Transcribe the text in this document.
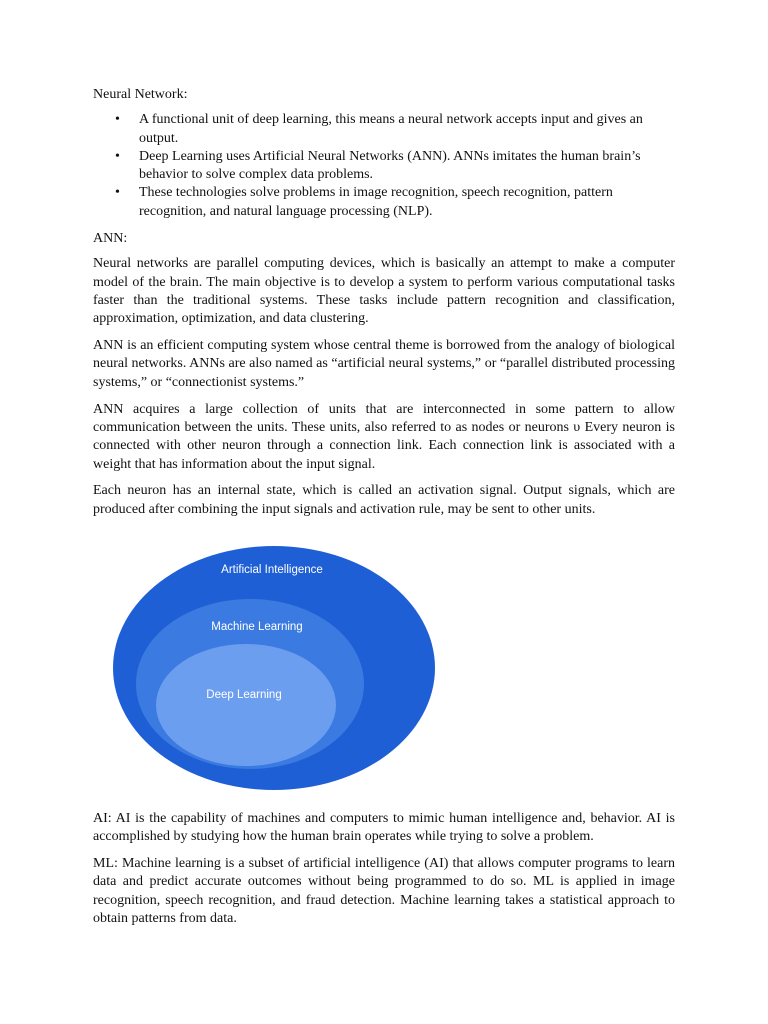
Neural Network:

• A functional unit of deep learning, this means a neural network accepts input and gives an output.
• Deep Learning uses Artificial Neural Networks (ANN). ANNs imitates the human brain’s behavior to solve complex data problems.
• These technologies solve problems in image recognition, speech recognition, pattern recognition, and natural language processing (NLP).

ANN:

Neural networks are parallel computing devices, which is basically an attempt to make a computer model of the brain. The main objective is to develop a system to perform various computational tasks faster than the traditional systems. These tasks include pattern recognition and classification, approximation, optimization, and data clustering.

ANN is an efficient computing system whose central theme is borrowed from the analogy of biological neural networks. ANNs are also named as “artificial neural systems,” or “parallel distributed processing systems,” or “connectionist systems.”

ANN acquires a large collection of units that are interconnected in some pattern to allow communication between the units. These units, also referred to as nodes or neurons υ Every neuron is connected with other neuron through a connection link. Each connection link is associated with a weight that has information about the input signal.

Each neuron has an internal state, which is called an activation signal. Output signals, which are produced after combining the input signals and activation rule, may be sent to other units.

Artificial Intelligence
Machine Learning
Deep Learning

AI: AI is the capability of machines and computers to mimic human intelligence and, behavior. AI is accomplished by studying how the human brain operates while trying to solve a problem.

ML: Machine learning is a subset of artificial intelligence (AI) that allows computer programs to learn data and predict accurate outcomes without being programmed to do so. ML is applied in image recognition, speech recognition, and fraud detection. Machine learning takes a statistical approach to obtain patterns from data.
